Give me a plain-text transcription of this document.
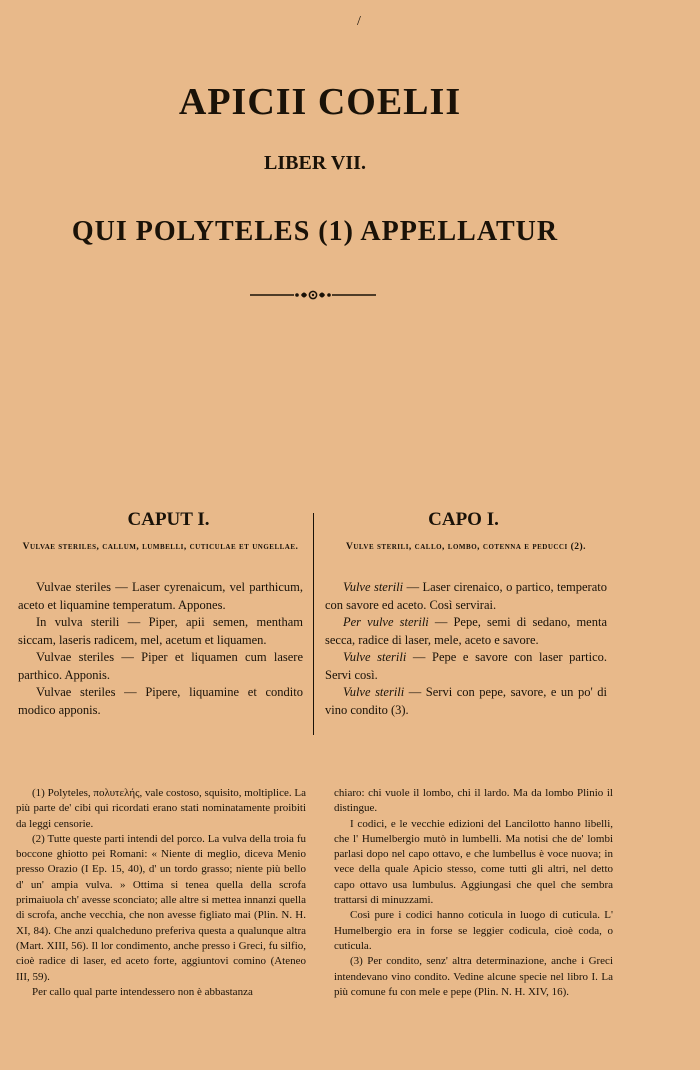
/
APICII COELII
LIBER VII.
QUI POLYTELES (1) APPELLATUR
CAPUT I.
Vulvae steriles, callum, lumbelli, cuticulae et ungellae.

Vulvae steriles — Laser cyrenaicum, vel parthicum, aceto et liquamine temperatum. Appones.

In vulva sterili — Piper, apii semen, mentham siccam, laseris radicem, mel, acetum et liquamen.

Vulvae steriles — Piper et liquamen cum lasere parthico. Apponis.

Vulvae steriles — Pipere, liquamine et condito modico apponis.

CAPO I.
Vulve sterili, callo, lombo, cotenna e peducci (2).

Vulve sterili — Laser cirenaico, o partico, temperato con savore ed aceto. Così servirai.

Per vulve sterili — Pepe, semi di sedano, menta secca, radice di laser, mele, aceto e savore.

Vulve sterili — Pepe e savore con laser partico. Servi così.

Vulve sterili — Servi con pepe, savore, e un po' di vino condito (3).

(1) Polyteles, πολυτελής, vale costoso, squisito, moltiplice. La più parte de' cibi qui ricordati erano stati nominatamente proibiti da leggi censorie.

(2) Tutte queste parti intendi del porco. La vulva della troia fu boccone ghiotto pei Romani: « Niente di meglio, diceva Menio presso Orazio (I Ep. 15, 40), d' un tordo grasso; niente più bello d' un' ampia vulva. » Ottima si tenea quella della scrofa primaiuola ch' avesse sconciato; alle altre si mettea innanzi quella di scrofa, anche vecchia, che non avesse figliato mai (Plin. N. H. XI, 84). Che anzi qualcheduno preferiva questa a qualunque altra (Mart. XIII, 56). Il lor condimento, anche presso i Greci, fu silfio, cioè radice di laser, ed aceto forte, aggiuntovi comino (Ateneo III, 59).

Per callo qual parte intendessero non è abbastanza

chiaro: chi vuole il lombo, chi il lardo. Ma da lombo Plinio il distingue.

I codici, e le vecchie edizioni del Lancilotto hanno libelli, che l' Humelbergio mutò in lumbelli. Ma notisi che de' lombi parlasi dopo nel capo ottavo, e che lumbellus è voce nuova; in vece della quale Apicio stesso, come tutti gli altri, nel detto capo ottavo usa lumbulus. Aggiungasi che quel che sembra trattarsi di minuzzami.

Così pure i codici hanno coticula in luogo di cuticula. L' Humelbergio era in forse se leggier codicula, cioè coda, o cuticula.

(3) Per condito, senz' altra determinazione, anche i Greci intendevano vino condito. Vedine alcune specie nel libro I. La più comune fu con mele e pepe (Plin. N. H. XIV, 16).
